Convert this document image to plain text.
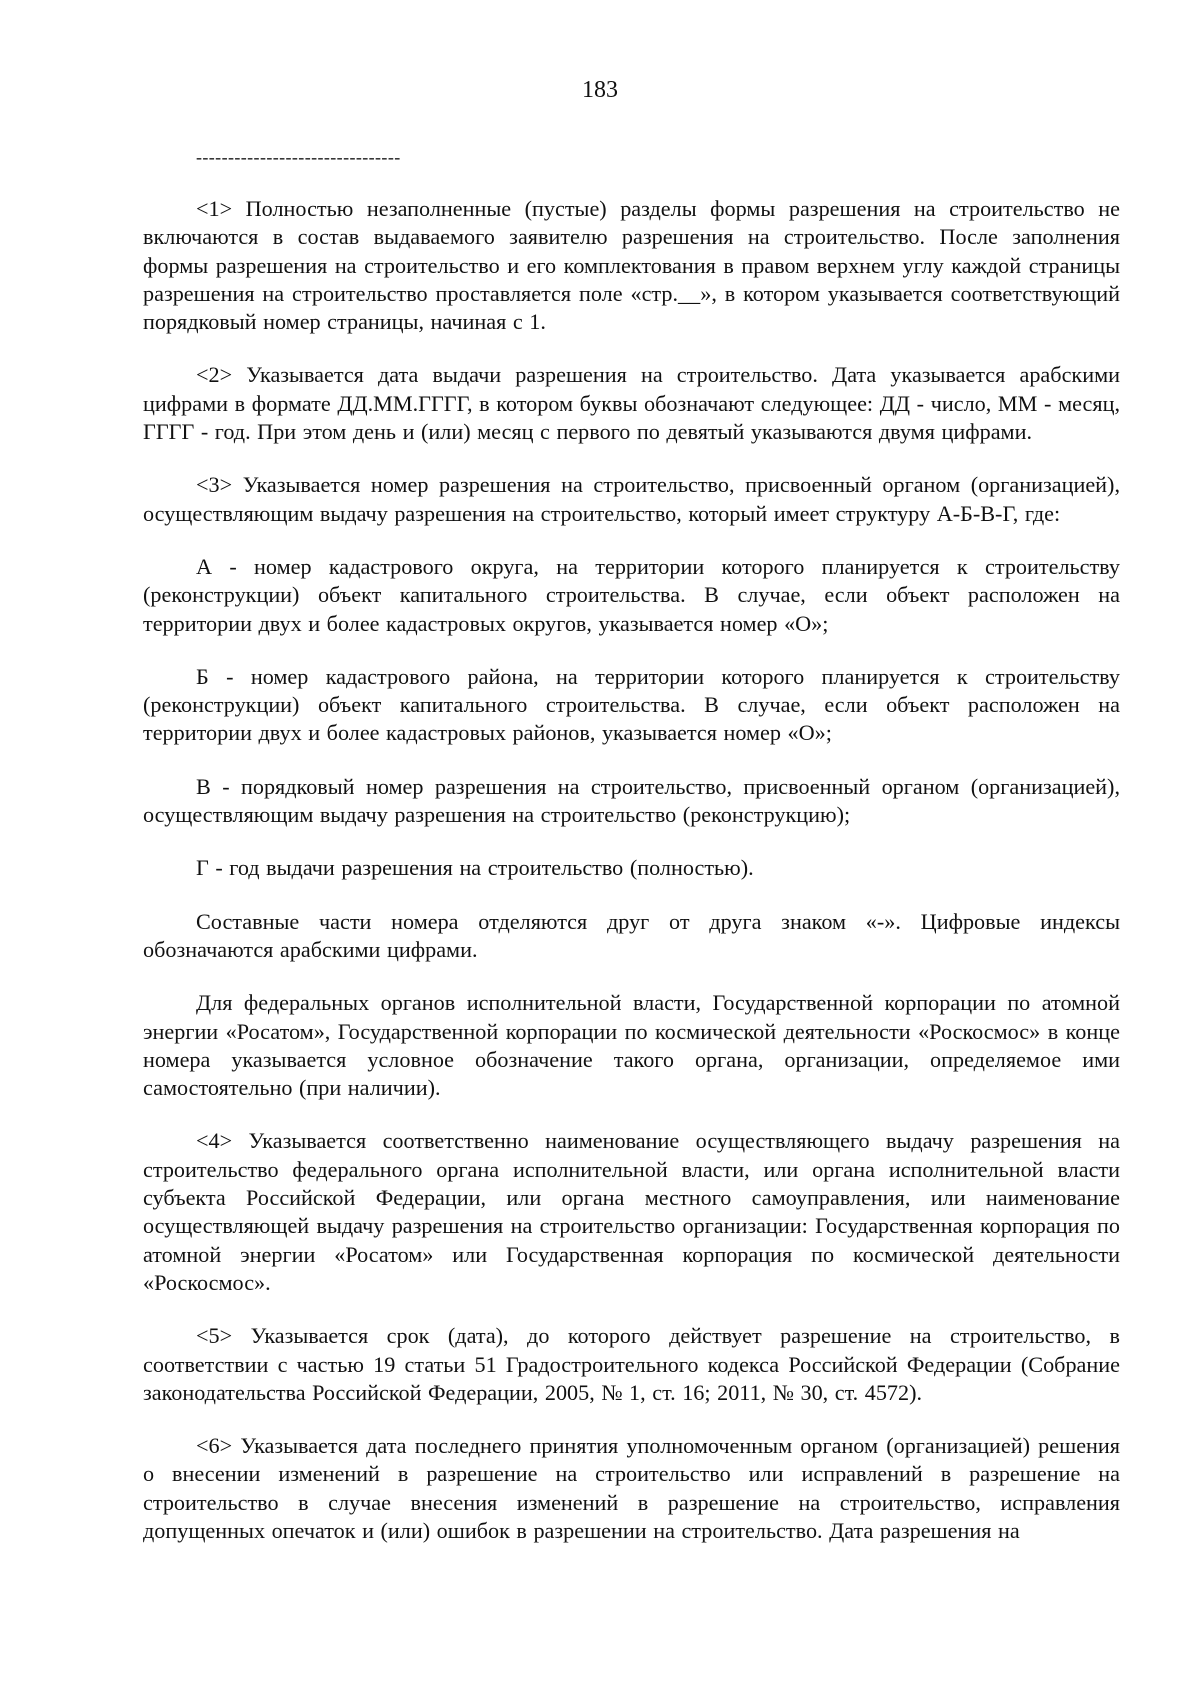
183
--------------------------------

<1> Полностью незаполненные (пустые) разделы формы разрешения на строительство не включаются в состав выдаваемого заявителю разрешения на строительство. После заполнения формы разрешения на строительство и его комплектования в правом верхнем углу каждой страницы разрешения на строительство проставляется поле «стр.__», в котором указывается соответствующий порядковый номер страницы, начиная с 1.

<2> Указывается дата выдачи разрешения на строительство. Дата указывается арабскими цифрами в формате ДД.ММ.ГГГГ, в котором буквы обозначают следующее: ДД - число, ММ - месяц, ГГГГ - год. При этом день и (или) месяц с первого по девятый указываются двумя цифрами.

<3> Указывается номер разрешения на строительство, присвоенный органом (организацией), осуществляющим выдачу разрешения на строительство, который имеет структуру А-Б-В-Г, где:

А - номер кадастрового округа, на территории которого планируется к строительству (реконструкции) объект капитального строительства. В случае, если объект расположен на территории двух и более кадастровых округов, указывается номер «О»;

Б - номер кадастрового района, на территории которого планируется к строительству (реконструкции) объект капитального строительства. В случае, если объект расположен на территории двух и более кадастровых районов, указывается номер «О»;

В - порядковый номер разрешения на строительство, присвоенный органом (организацией), осуществляющим выдачу разрешения на строительство (реконструкцию);

Г - год выдачи разрешения на строительство (полностью).

Составные части номера отделяются друг от друга знаком «-». Цифровые индексы обозначаются арабскими цифрами.

Для федеральных органов исполнительной власти, Государственной корпорации по атомной энергии «Росатом», Государственной корпорации по космической деятельности «Роскосмос» в конце номера указывается условное обозначение такого органа, организации, определяемое ими самостоятельно (при наличии).

<4> Указывается соответственно наименование осуществляющего выдачу разрешения на строительство федерального органа исполнительной власти, или органа исполнительной власти субъекта Российской Федерации, или органа местного самоуправления, или наименование осуществляющей выдачу разрешения на строительство организации: Государственная корпорация по атомной энергии «Росатом» или Государственная корпорация по космической деятельности «Роскосмос».

<5> Указывается срок (дата), до которого действует разрешение на строительство, в соответствии с частью 19 статьи 51 Градостроительного кодекса Российской Федерации (Собрание законодательства Российской Федерации, 2005, № 1, ст. 16; 2011, № 30, ст. 4572).

<6> Указывается дата последнего принятия уполномоченным органом (организацией) решения о внесении изменений в разрешение на строительство или исправлений в разрешение на строительство в случае внесения изменений в разрешение на строительство, исправления допущенных опечаток и (или) ошибок в разрешении на строительство. Дата разрешения на
